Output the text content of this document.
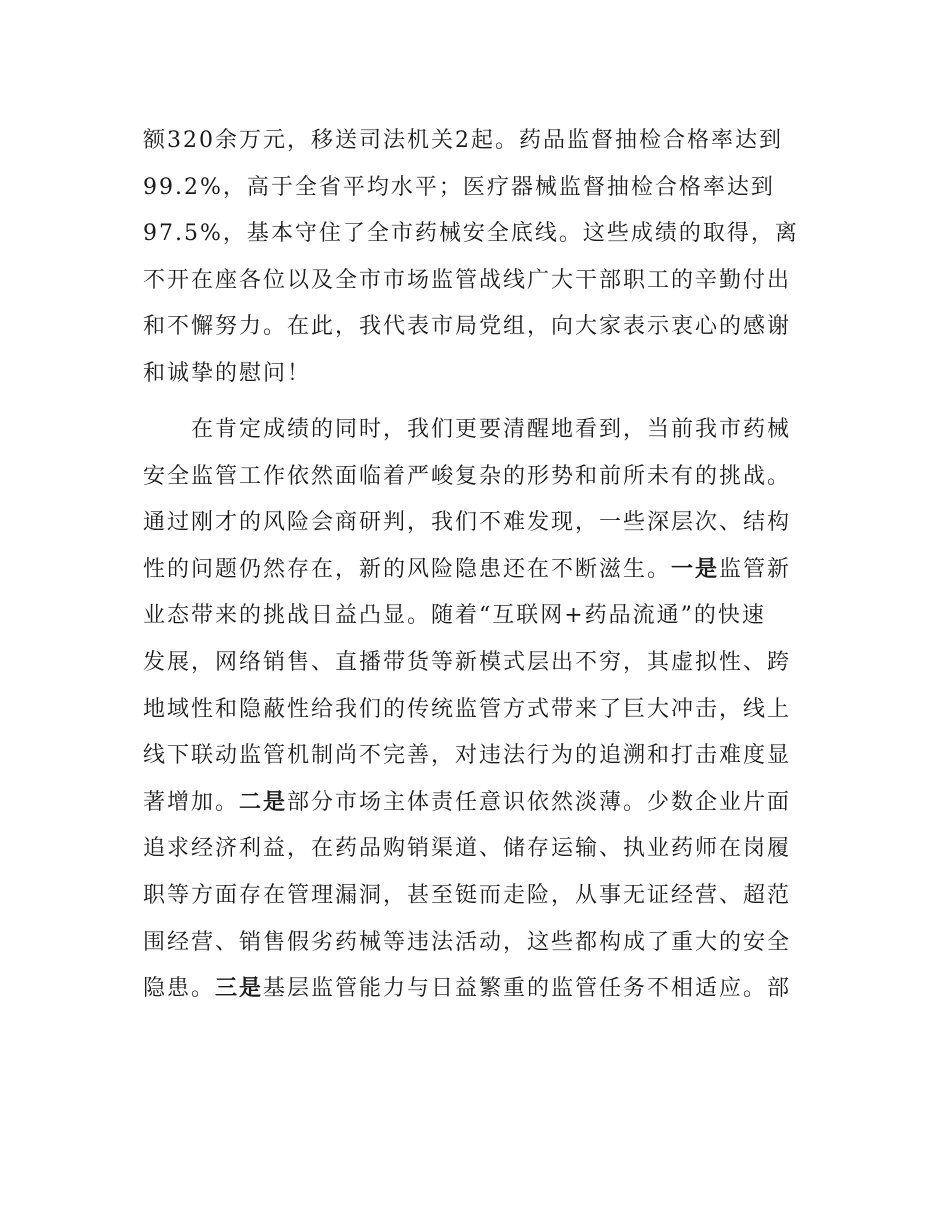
额320余万元，移送司法机关2起。药品监督抽检合格率达到
99.2%，高于全省平均水平；医疗器械监督抽检合格率达到
97.5%，基本守住了全市药械安全底线。这些成绩的取得，离
不开在座各位以及全市市场监管战线广大干部职工的辛勤付出
和不懈努力。在此，我代表市局党组，向大家表示衷心的感谢
和诚挚的慰问！
在肯定成绩的同时，我们更要清醒地看到，当前我市药械
安全监管工作依然面临着严峻复杂的形势和前所未有的挑战。
通过刚才的风险会商研判，我们不难发现，一些深层次、结构
性的问题仍然存在，新的风险隐患还在不断滋生。一是监管新
业态带来的挑战日益凸显。随着“互联网+药品流通”的快速
发展，网络销售、直播带货等新模式层出不穷，其虚拟性、跨
地域性和隐蔽性给我们的传统监管方式带来了巨大冲击，线上
线下联动监管机制尚不完善，对违法行为的追溯和打击难度显
著增加。二是部分市场主体责任意识依然淡薄。少数企业片面
追求经济利益，在药品购销渠道、储存运输、执业药师在岗履
职等方面存在管理漏洞，甚至铤而走险，从事无证经营、超范
围经营、销售假劣药械等违法活动，这些都构成了重大的安全
隐患。三是基层监管能力与日益繁重的监管任务不相适应。部
